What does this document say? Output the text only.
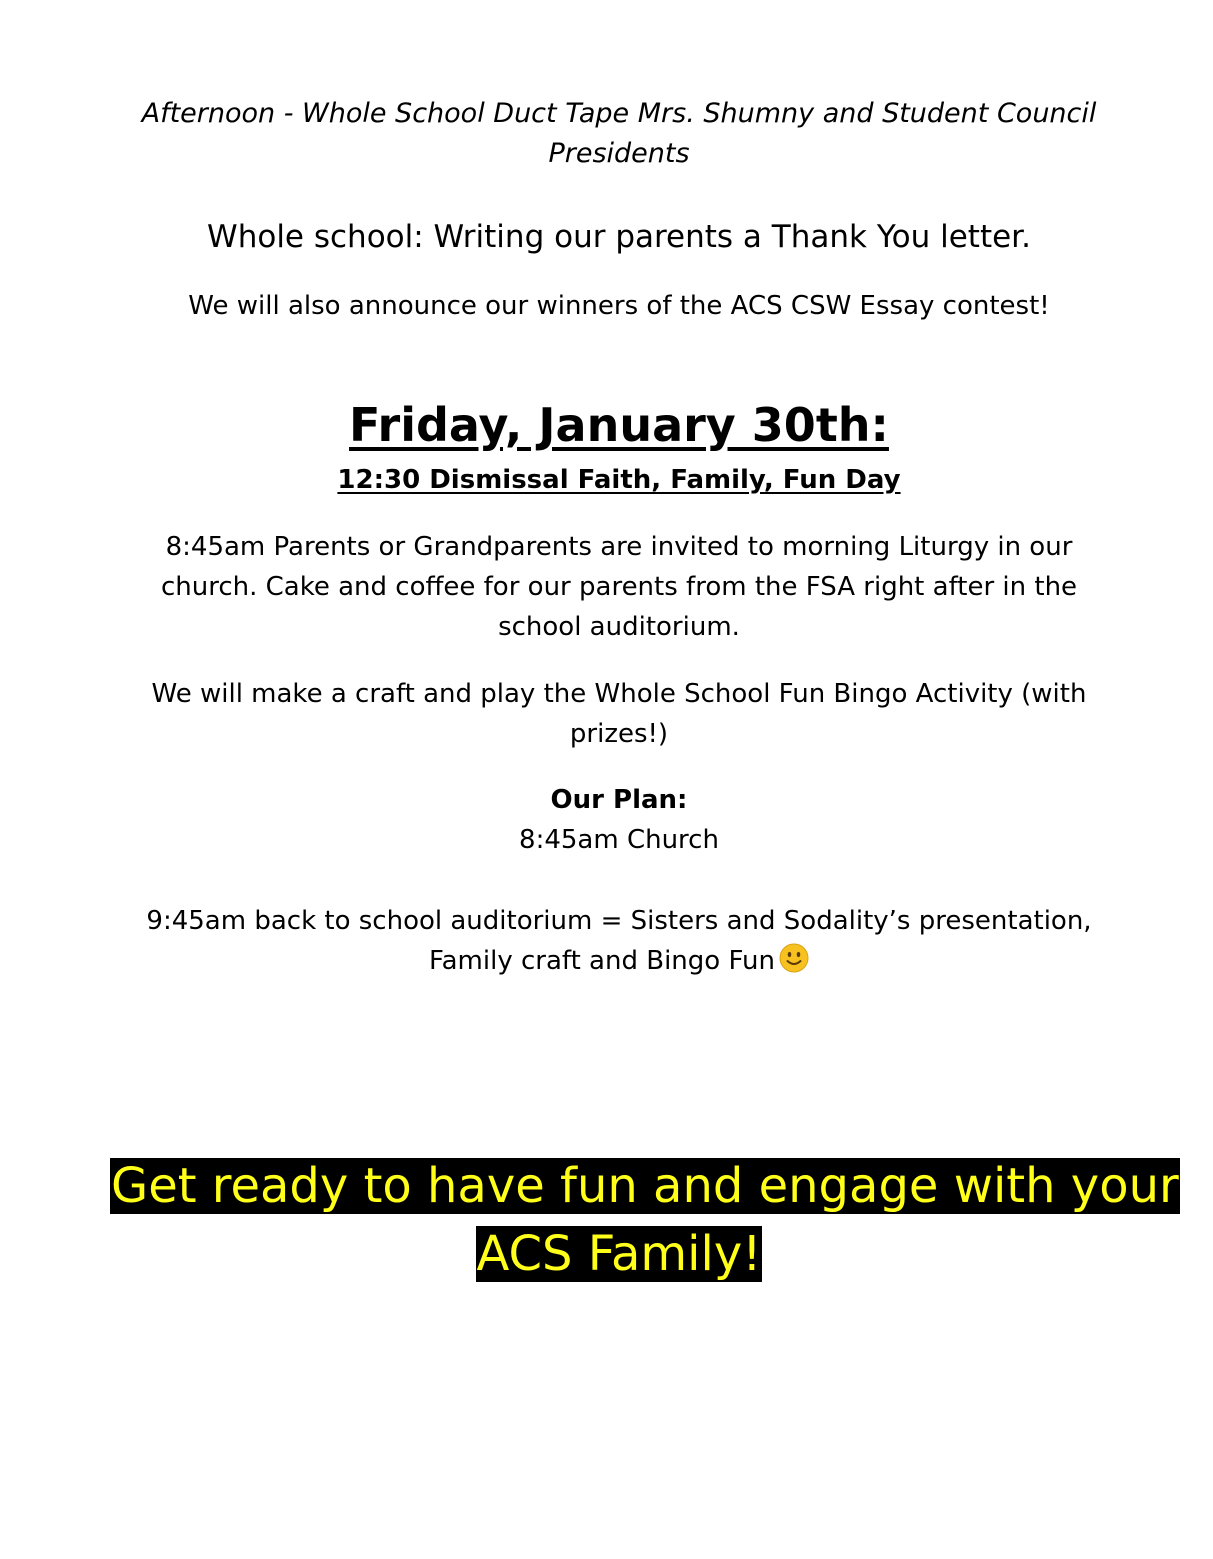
Afternoon - Whole School Duct Tape Mrs. Shumny and Student Council
Presidents
Whole school: Writing our parents a Thank You letter.
We will also announce our winners of the ACS CSW Essay contest!
Friday, January 30th:
12:30 Dismissal Faith, Family, Fun Day
8:45am Parents or Grandparents are invited to morning Liturgy in our
church. Cake and coffee for our parents from the FSA right after in the
school auditorium.
We will make a craft and play the Whole School Fun Bingo Activity (with
prizes!)
Our Plan:
8:45am Church
9:45am back to school auditorium = Sisters and Sodality’s presentation,
Family craft and Bingo Fun
Get ready to have fun and engage with your
ACS Family!
